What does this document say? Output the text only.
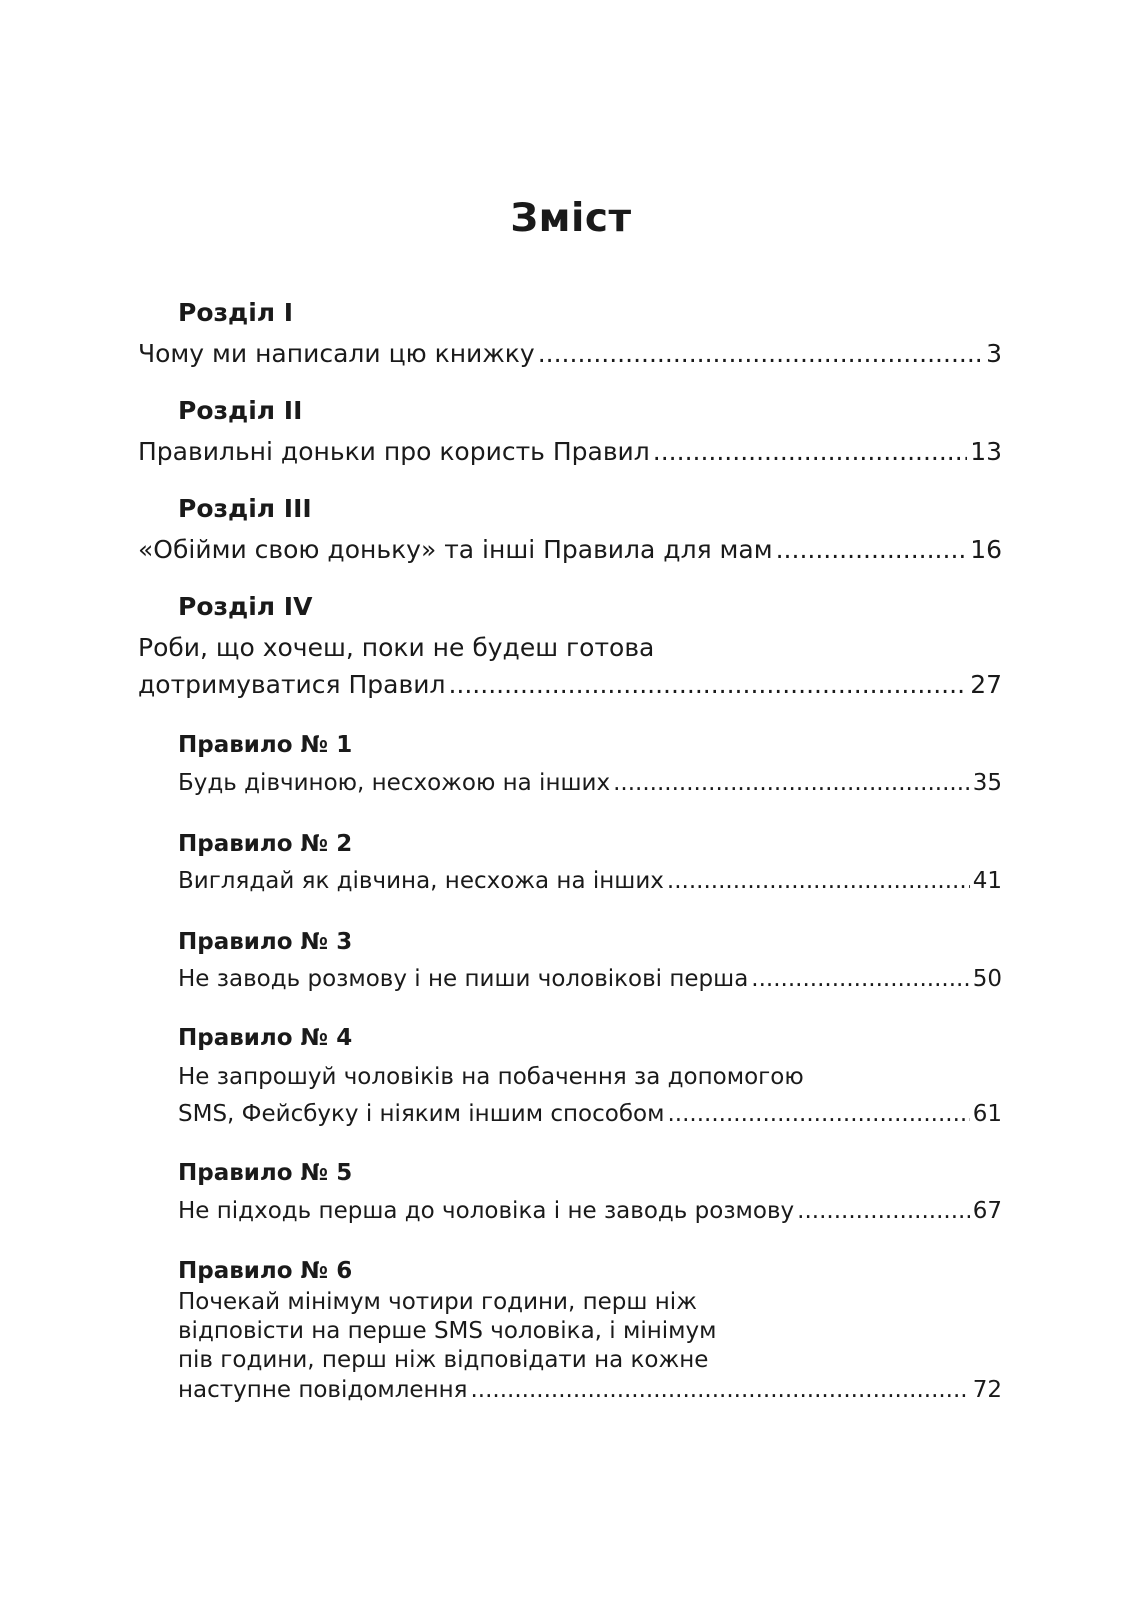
Зміст
Розділ I
Чому ми написали цю книжку .....	3
Розділ II
Правильні доньки про користь Правил .....	13
Розділ III
«Обійми свою доньку» та інші Правила для мам .....	16
Розділ IV
Роби, що хочеш, поки не будеш готова
дотримуватися Правил .....	27
Правило № 1
Будь дівчиною, несхожою на інших .....	35
Правило № 2
Виглядай як дівчина, несхожа на інших .....	41
Правило № 3
Не заводь розмову і не пиши чоловікові перша .....	50
Правило № 4
Не запрошуй чоловіків на побачення за допомогою
SMS, Фейсбуку і ніяким іншим способом .....	61
Правило № 5
Не підходь перша до чоловіка і не заводь розмову .....	67
Правило № 6
Почекай мінімум чотири години, перш ніж
відповісти на перше SMS чоловіка, і мінімум
пів години, перш ніж відповідати на кожне
наступне повідомлення .....	72
